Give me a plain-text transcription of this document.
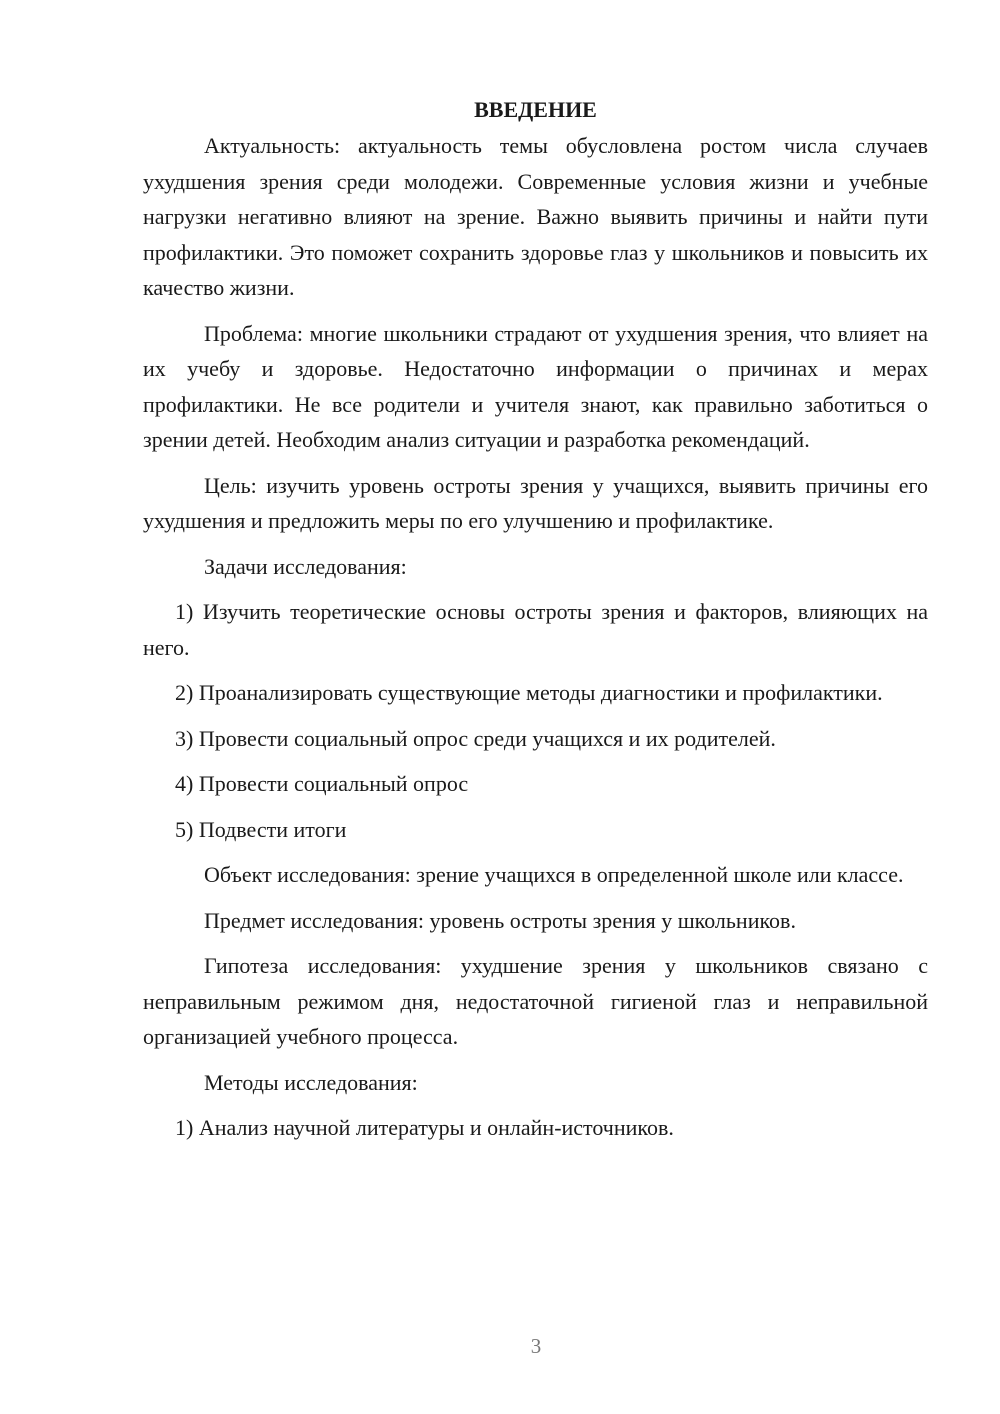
ВВЕДЕНИЕ

Актуальность: актуальность темы обусловлена ростом числа случаев ухудшения зрения среди молодежи. Современные условия жизни и учебные нагрузки негативно влияют на зрение. Важно выявить причины и найти пути профилактики. Это поможет сохранить здоровье глаз у школьников и повысить их качество жизни.

Проблема: многие школьники страдают от ухудшения зрения, что влияет на их учебу и здоровье. Недостаточно информации о причинах и мерах профилактики. Не все родители и учителя знают, как правильно заботиться о зрении детей. Необходим анализ ситуации и разработка рекомендаций.

Цель: изучить уровень остроты зрения у учащихся, выявить причины его ухудшения и предложить меры по его улучшению и профилактике.

Задачи исследования:

1) Изучить теоретические основы остроты зрения и факторов, влияющих на него.

2) Проанализировать существующие методы диагностики и профилактики.

3) Провести социальный опрос среди учащихся и их родителей.

4) Провести социальный опрос

5) Подвести итоги

Объект исследования: зрение учащихся в определенной школе или классе.

Предмет исследования: уровень остроты зрения у школьников.

Гипотеза исследования: ухудшение зрения у школьников связано с неправильным режимом дня, недостаточной гигиеной глаз и неправильной организацией учебного процесса.

Методы исследования:

1) Анализ научной литературы и онлайн-источников.

3
